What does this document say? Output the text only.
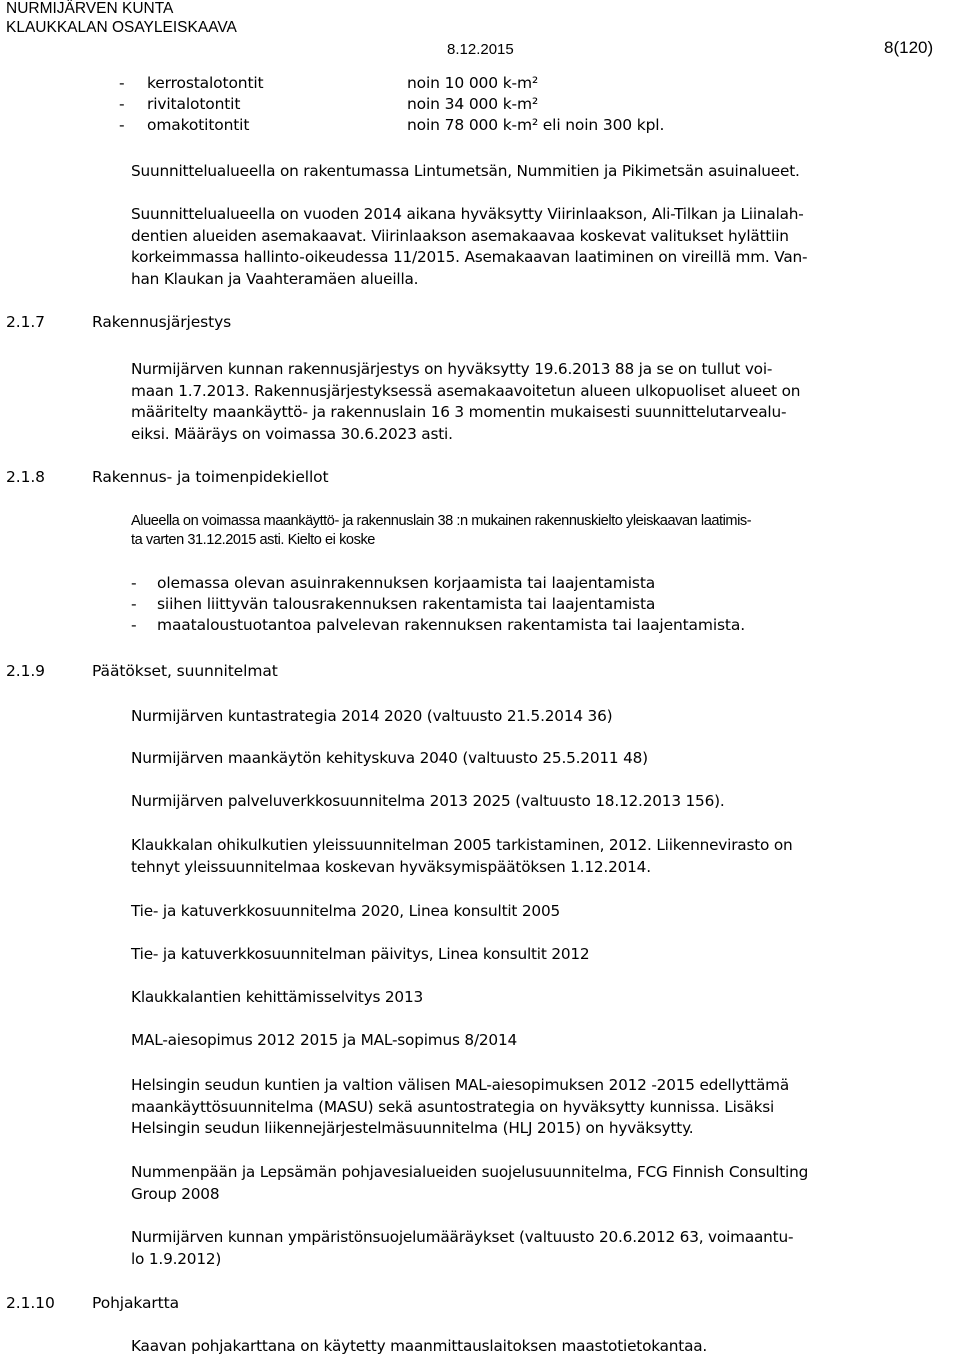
NURMIJÄRVEN KUNTA
KLAUKKALAN OSAYLEISKAAVA
8.12.2015	8(120)
- kerrostalotontit	noin 10 000 k-m²
- rivitalotontit	noin 34 000 k-m²
- omakotitontit	noin 78 000 k-m² eli noin 300 kpl.
Suunnittelualueella on rakentumassa Lintumetsän, Nummitien ja Pikimetsän asuinalueet.
Suunnittelualueella on vuoden 2014 aikana hyväksytty Viirinlaakson, Ali-Tilkan ja Liinalah-
dentien alueiden asemakaavat. Viirinlaakson asemakaavaa koskevat valitukset hylättiin
korkeimmassa hallinto-oikeudessa 11/2015. Asemakaavan laatiminen on vireillä mm. Van-
han Klaukan ja Vaahteramäen alueilla.
2.1.7	Rakennusjärjestys
Nurmijärven kunnan rakennusjärjestys on hyväksytty 19.6.2013 88 ja se on tullut voi-
maan 1.7.2013. Rakennusjärjestyksessä asemakaavoitetun alueen ulkopuoliset alueet on
määritelty maankäyttö- ja rakennuslain 16 3 momentin mukaisesti suunnittelutarvealu-
eiksi. Määräys on voimassa 30.6.2023 asti.
2.1.8	Rakennus- ja toimenpidekiellot
Alueella on voimassa maankäyttö- ja rakennuslain 38 :n mukainen rakennuskielto yleiskaavan laatimis-
ta varten 31.12.2015 asti. Kielto ei koske
- olemassa olevan asuinrakennuksen korjaamista tai laajentamista
- siihen liittyvän talousrakennuksen rakentamista tai laajentamista
- maataloustuotantoa palvelevan rakennuksen rakentamista tai laajentamista.
2.1.9	Päätökset, suunnitelmat
Nurmijärven kuntastrategia 2014 2020 (valtuusto 21.5.2014 36)
Nurmijärven maankäytön kehityskuva 2040 (valtuusto 25.5.2011 48)
Nurmijärven palveluverkkosuunnitelma 2013 2025 (valtuusto 18.12.2013 156).
Klaukkalan ohikulkutien yleissuunnitelman 2005 tarkistaminen, 2012. Liikennevirasto on
tehnyt yleissuunnitelmaa koskevan hyväksymispäätöksen 1.12.2014.
Tie- ja katuverkkosuunnitelma 2020, Linea konsultit 2005
Tie- ja katuverkkosuunnitelman päivitys, Linea konsultit 2012
Klaukkalantien kehittämisselvitys 2013
MAL-aiesopimus 2012 2015 ja MAL-sopimus 8/2014
Helsingin seudun kuntien ja valtion välisen MAL-aiesopimuksen 2012 -2015 edellyttämä
maankäyttösuunnitelma (MASU) sekä asuntostrategia on hyväksytty kunnissa. Lisäksi
Helsingin seudun liikennejärjestelmäsuunnitelma (HLJ 2015) on hyväksytty.
Nummenpään ja Lepsämän pohjavesialueiden suojelusuunnitelma, FCG Finnish Consulting
Group 2008
Nurmijärven kunnan ympäristönsuojelumääräykset (valtuusto 20.6.2012 63, voimaantu-
lo 1.9.2012)
2.1.10 Pohjakartta
Kaavan pohjakarttana on käytetty maanmittauslaitoksen maastotietokantaa.
